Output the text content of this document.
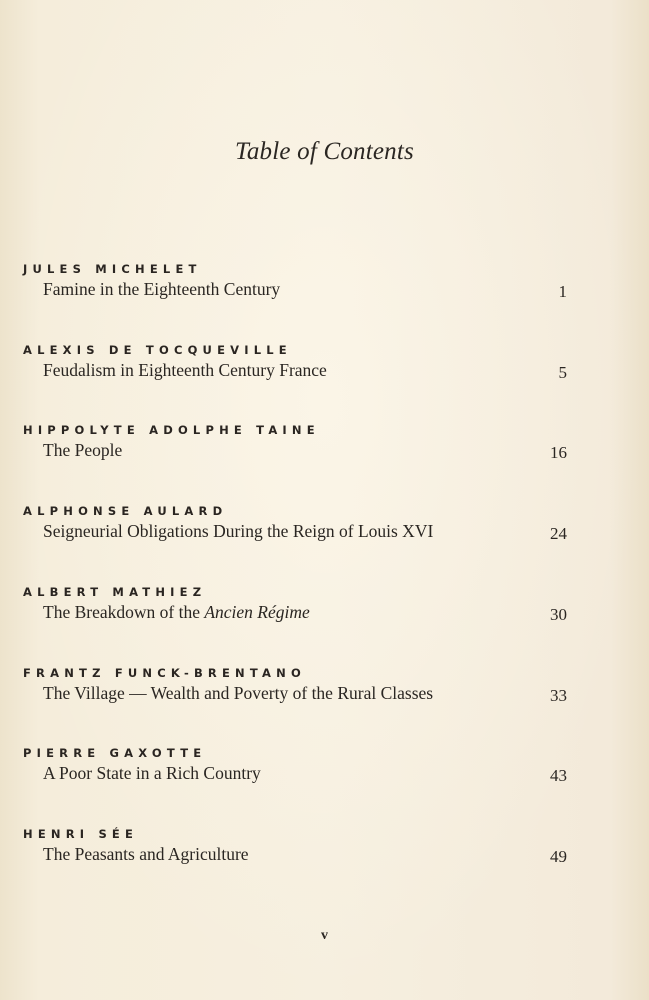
Table of Contents
JULES MICHELET
Famine in the Eighteenth Century	1
ALEXIS DE TOCQUEVILLE
Feudalism in Eighteenth Century France	5
HIPPOLYTE ADOLPHE TAINE
The People	16
ALPHONSE AULARD
Seigneurial Obligations During the Reign of Louis XVI	24
ALBERT MATHIEZ
The Breakdown of the Ancien Régime	30
FRANTZ FUNCK-BRENTANO
The Village — Wealth and Poverty of the Rural Classes	33
PIERRE GAXOTTE
A Poor State in a Rich Country	43
HENRI SÉE
The Peasants and Agriculture	49
v
